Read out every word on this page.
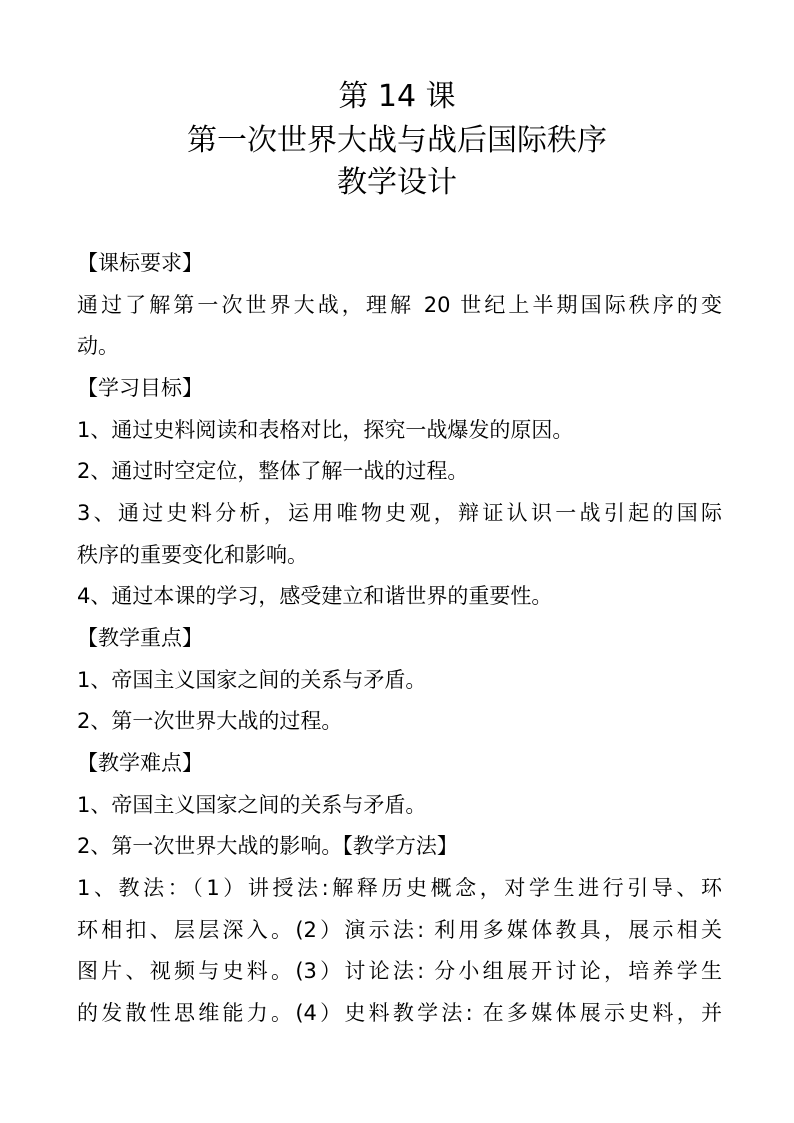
第 14 课
第一次世界大战与战后国际秩序
教学设计
【课标要求】
通过了解第一次世界大战，理解 20 世纪上半期国际秩序的变
动。
【学习目标】
1、通过史料阅读和表格对比，探究一战爆发的原因。
2、通过时空定位，整体了解一战的过程。
3、通过史料分析，运用唯物史观，辩证认识一战引起的国际
秩序的重要变化和影响。
4、通过本课的学习，感受建立和谐世界的重要性。
【教学重点】
1、帝国主义国家之间的关系与矛盾。
2、第一次世界大战的过程。
【教学难点】
1、帝国主义国家之间的关系与矛盾。
2、第一次世界大战的影响。【教学方法】
1、教法：（1）讲授法:解释历史概念，对学生进行引导、环
环相扣、层层深入。(2）演示法: 利用多媒体教具，展示相关
图片、视频与史料。(3）讨论法: 分小组展开讨论，培养学生
的发散性思维能力。(4）史料教学法: 在多媒体展示史料，并
